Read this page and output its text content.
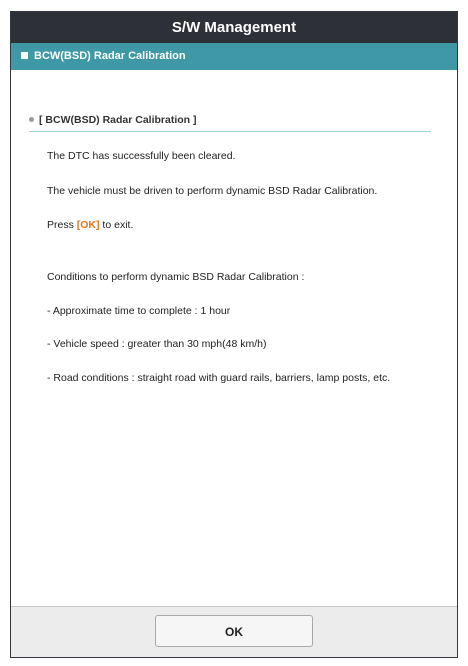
S/W Management
BCW(BSD) Radar Calibration
[ BCW(BSD) Radar Calibration ]
The DTC has successfully been cleared.
The vehicle must be driven to perform dynamic BSD Radar Calibration.
Press [OK] to exit.
Conditions to perform dynamic BSD Radar Calibration :
- Approximate time to complete : 1 hour
- Vehicle speed : greater than 30 mph(48 km/h)
- Road conditions : straight road with guard rails, barriers, lamp posts, etc.
OK
